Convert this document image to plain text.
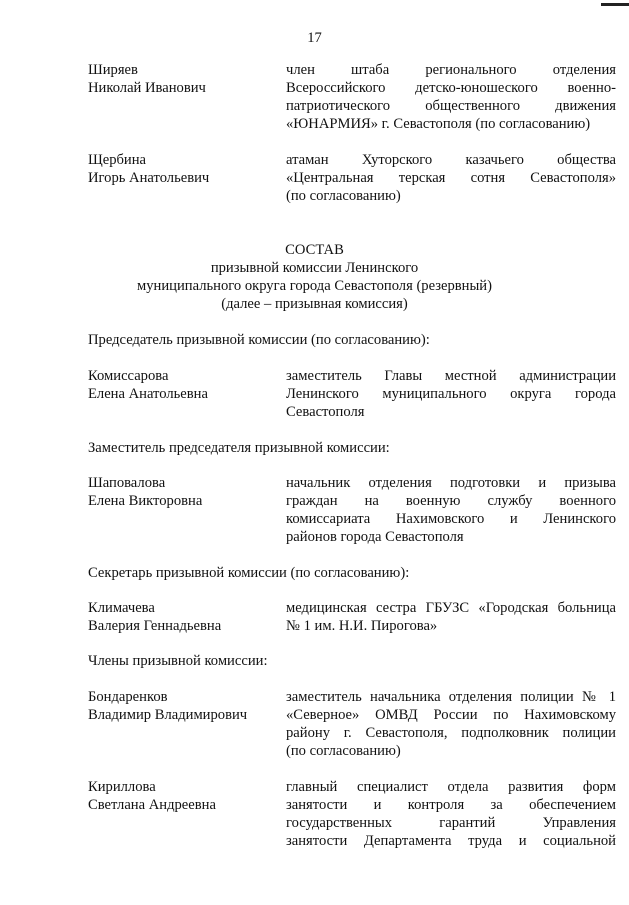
17
Ширяев
Николай Иванович
член штаба регионального отделения
Всероссийского детско-юношеского военно-
патриотического общественного движения
«ЮНАРМИЯ» г. Севастополя (по согласованию)
Щербина
Игорь Анатольевич
атаман Хуторского казачьего общества
«Центральная терская сотня Севастополя»
(по согласованию)
СОСТАВ
призывной комиссии Ленинского
муниципального округа города Севастополя (резервный)
(далее – призывная комиссия)
Председатель призывной комиссии (по согласованию):
Комиссарова
Елена Анатольевна
заместитель Главы местной администрации
Ленинского муниципального округа города
Севастополя
Заместитель председателя призывной комиссии:
Шаповалова
Елена Викторовна
начальник отделения подготовки и призыва
граждан на военную службу военного
комиссариата Нахимовского и Ленинского
районов города Севастополя
Секретарь призывной комиссии (по согласованию):
Климачева
Валерия Геннадьевна
медицинская сестра ГБУЗС «Городская больница
№ 1 им. Н.И. Пирогова»
Члены призывной комиссии:
Бондаренков
Владимир Владимирович
заместитель начальника отделения полиции № 1
«Северное» ОМВД России по Нахимовскому
району г. Севастополя, подполковник полиции
(по согласованию)
Кириллова
Светлана Андреевна
главный специалист отдела развития форм
занятости и контроля за обеспечением
государственных гарантий Управления
занятости Департамента труда и социальной
